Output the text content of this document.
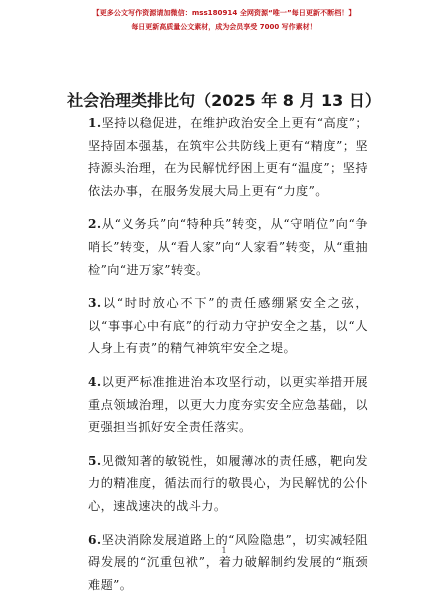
【更多公文写作资源请加微信：mss180914 全网资源“唯一”每日更新不断档！】
每日更新高质量公文素材，成为会员享受 7000 写作素材！
社会治理类排比句（2025 年 8 月 13 日）

1.坚持以稳促进，在维护政治安全上更有“高度”；坚持固本强基，在筑牢公共防线上更有“精度”；坚持源头治理，在为民解忧纾困上更有“温度”；坚持依法办事，在服务发展大局上更有“力度”。

2.从“义务兵”向“特种兵”转变，从“守哨位”向“争哨长”转变，从“看人家”向“人家看”转变，从“重抽检”向“进万家”转变。

3.以“时时放心不下”的责任感绷紧安全之弦，以“事事心中有底”的行动力守护安全之基，以“人人身上有责”的精气神筑牢安全之堤。

4.以更严标准推进治本攻坚行动，以更实举措开展重点领域治理，以更大力度夯实安全应急基础，以更强担当抓好安全责任落实。

5.见微知著的敏锐性，如履薄冰的责任感，靶向发力的精准度，循法而行的敬畏心，为民解忧的公仆心，速战速决的战斗力。

6.坚决消除发展道路上的“风险隐患”，切实减轻阻碍发展的“沉重包袱”，着力破解制约发展的“瓶颈难题”。

1
